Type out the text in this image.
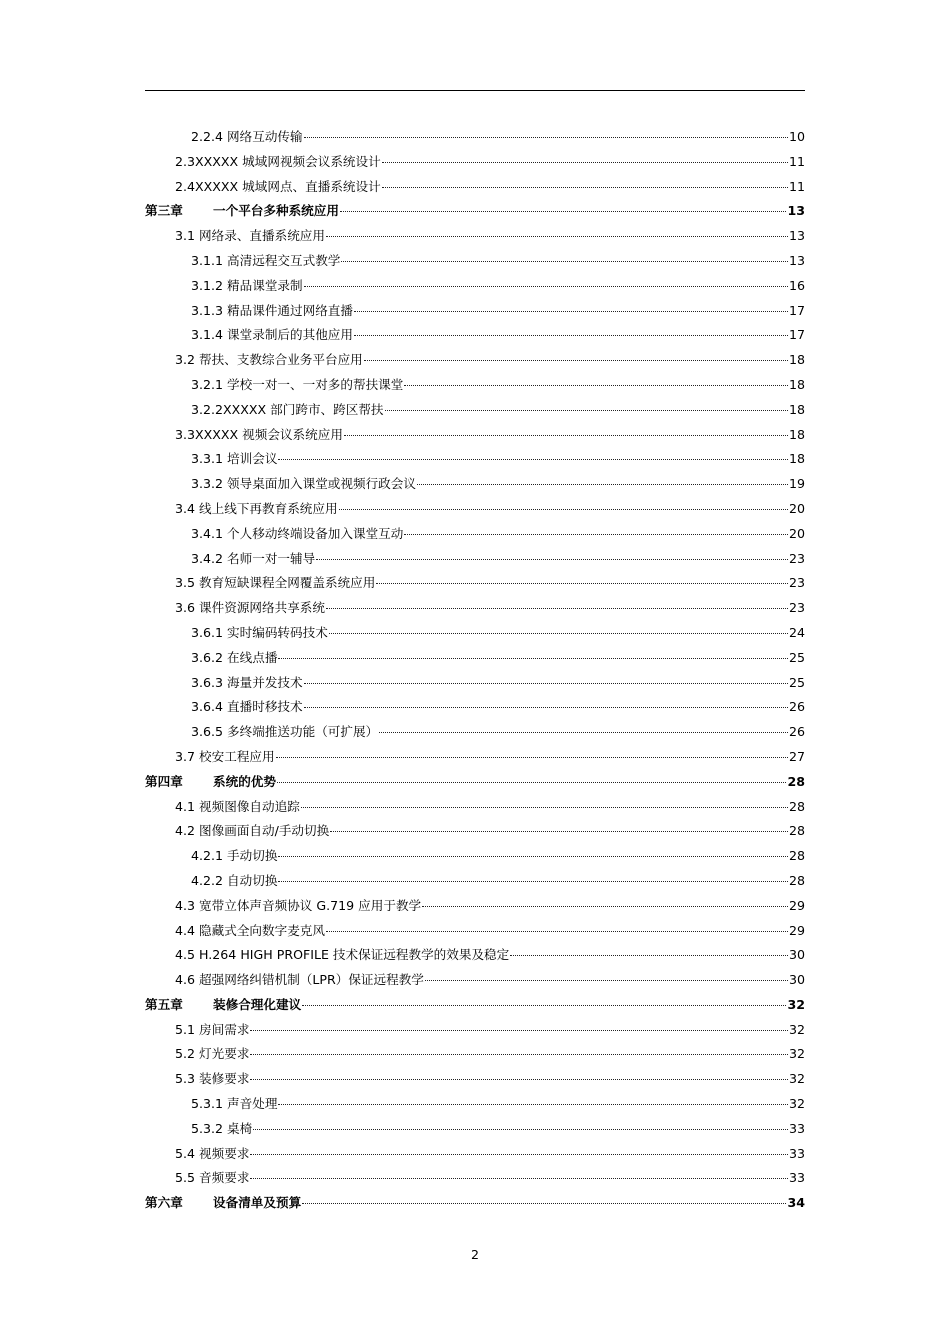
2.2.4 网络互动传输	10
2.3XXXXX 城域网视频会议系统设计	11
2.4XXXXX 城域网点、直播系统设计	11
第三章 一个平台多种系统应用	13
3.1 网络录、直播系统应用	13
3.1.1 高清远程交互式教学	13
3.1.2 精品课堂录制	16
3.1.3 精品课件通过网络直播	17
3.1.4 课堂录制后的其他应用	17
3.2 帮扶、支教综合业务平台应用	18
3.2.1 学校一对一、一对多的帮扶课堂	18
3.2.2XXXXX 部门跨市、跨区帮扶	18
3.3XXXXX 视频会议系统应用	18
3.3.1 培训会议	18
3.3.2 领导桌面加入课堂或视频行政会议	19
3.4 线上线下再教育系统应用	20
3.4.1 个人移动终端设备加入课堂互动	20
3.4.2 名师一对一辅导	23
3.5 教育短缺课程全网覆盖系统应用	23
3.6 课件资源网络共享系统	23
3.6.1 实时编码转码技术	24
3.6.2 在线点播	25
3.6.3 海量并发技术	25
3.6.4 直播时移技术	26
3.6.5 多终端推送功能（可扩展）	26
3.7 校安工程应用	27
第四章 系统的优势	28
4.1 视频图像自动追踪	28
4.2 图像画面自动/手动切换	28
4.2.1 手动切换	28
4.2.2 自动切换	28
4.3 宽带立体声音频协议 G.719 应用于教学	29
4.4 隐藏式全向数字麦克风	29
4.5 H.264 HIGH PROFILE 技术保证远程教学的效果及稳定	30
4.6 超强网络纠错机制（LPR）保证远程教学	30
第五章 装修合理化建议	32
5.1 房间需求	32
5.2 灯光要求	32
5.3 装修要求	32
5.3.1 声音处理	32
5.3.2 桌椅	33
5.4 视频要求	33
5.5 音频要求	33
第六章 设备清单及预算	34
2
